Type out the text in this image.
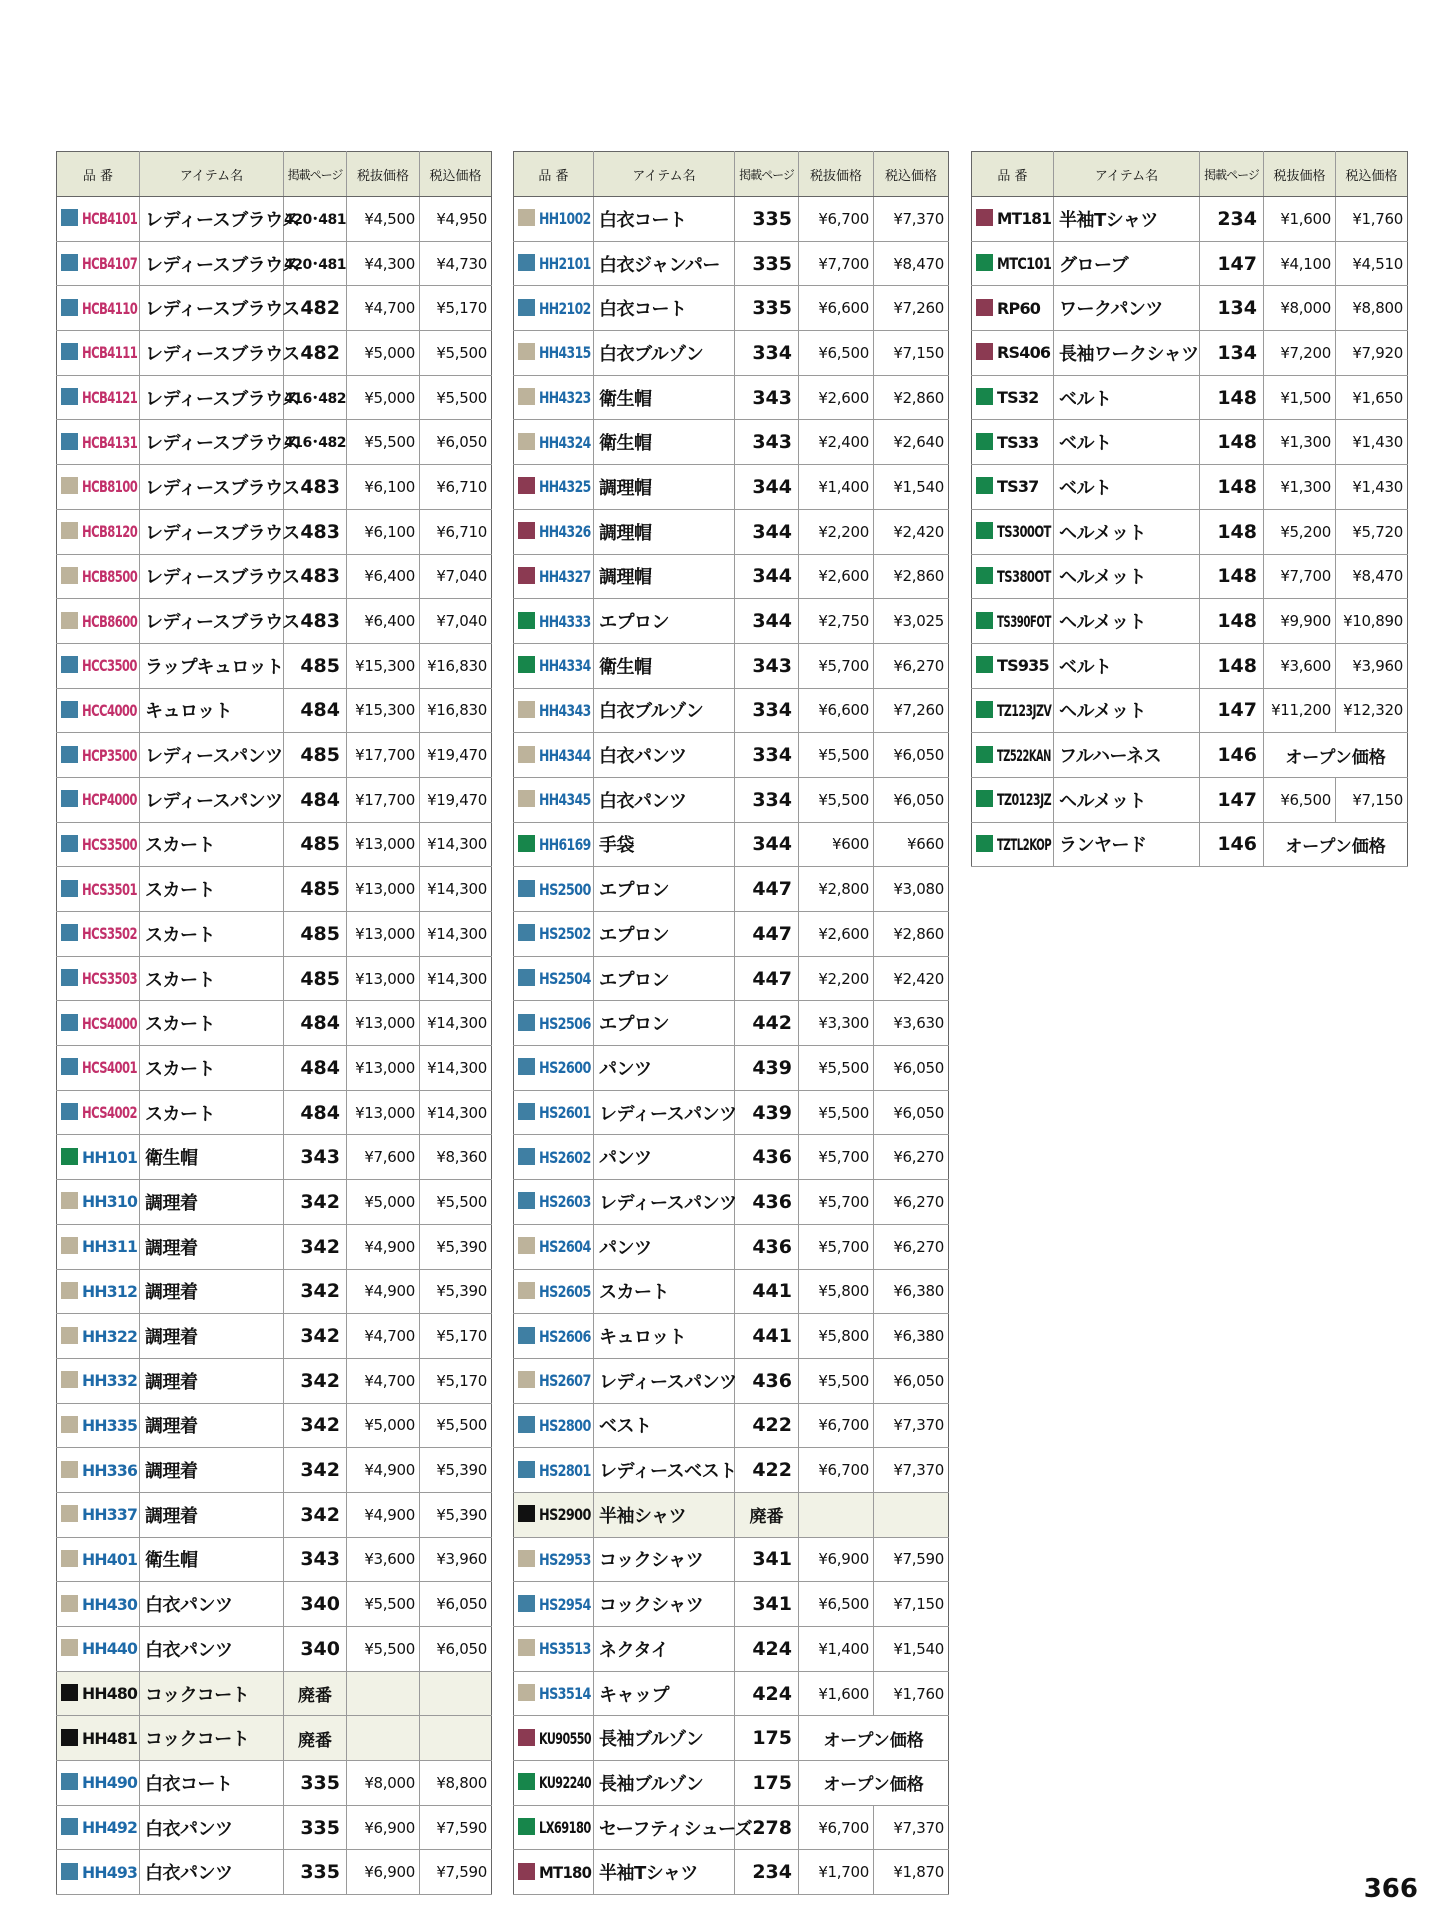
品 番	アイテム名	掲載ページ	税抜価格	税込価格
HCB4101	レディースブラウス	420･481	¥4,500	¥4,950
HCB4107	レディースブラウス	420･481	¥4,300	¥4,730
HCB4110	レディースブラウス	482	¥4,700	¥5,170
HCB4111	レディースブラウス	482	¥5,000	¥5,500
HCB4121	レディースブラウス	416･482	¥5,000	¥5,500
HCB4131	レディースブラウス	416･482	¥5,500	¥6,050
HCB8100	レディースブラウス	483	¥6,100	¥6,710
HCB8120	レディースブラウス	483	¥6,100	¥6,710
HCB8500	レディースブラウス	483	¥6,400	¥7,040
HCB8600	レディースブラウス	483	¥6,400	¥7,040
HCC3500	ラップキュロット	485	¥15,300	¥16,830
HCC4000	キュロット	484	¥15,300	¥16,830
HCP3500	レディースパンツ	485	¥17,700	¥19,470
HCP4000	レディースパンツ	484	¥17,700	¥19,470
HCS3500	スカート	485	¥13,000	¥14,300
HCS3501	スカート	485	¥13,000	¥14,300
HCS3502	スカート	485	¥13,000	¥14,300
HCS3503	スカート	485	¥13,000	¥14,300
HCS4000	スカート	484	¥13,000	¥14,300
HCS4001	スカート	484	¥13,000	¥14,300
HCS4002	スカート	484	¥13,000	¥14,300
HH101	衛生帽	343	¥7,600	¥8,360
HH310	調理着	342	¥5,000	¥5,500
HH311	調理着	342	¥4,900	¥5,390
HH312	調理着	342	¥4,900	¥5,390
HH322	調理着	342	¥4,700	¥5,170
HH332	調理着	342	¥4,700	¥5,170
HH335	調理着	342	¥5,000	¥5,500
HH336	調理着	342	¥4,900	¥5,390
HH337	調理着	342	¥4,900	¥5,390
HH401	衛生帽	343	¥3,600	¥3,960
HH430	白衣パンツ	340	¥5,500	¥6,050
HH440	白衣パンツ	340	¥5,500	¥6,050
HH480	コックコート	廃番		
HH481	コックコート	廃番		
HH490	白衣コート	335	¥8,000	¥8,800
HH492	白衣パンツ	335	¥6,900	¥7,590
HH493	白衣パンツ	335	¥6,900	¥7,590
品 番	アイテム名	掲載ページ	税抜価格	税込価格
HH1002	白衣コート	335	¥6,700	¥7,370
HH2101	白衣ジャンパー	335	¥7,700	¥8,470
HH2102	白衣コート	335	¥6,600	¥7,260
HH4315	白衣ブルゾン	334	¥6,500	¥7,150
HH4323	衛生帽	343	¥2,600	¥2,860
HH4324	衛生帽	343	¥2,400	¥2,640
HH4325	調理帽	344	¥1,400	¥1,540
HH4326	調理帽	344	¥2,200	¥2,420
HH4327	調理帽	344	¥2,600	¥2,860
HH4333	エプロン	344	¥2,750	¥3,025
HH4334	衛生帽	343	¥5,700	¥6,270
HH4343	白衣ブルゾン	334	¥6,600	¥7,260
HH4344	白衣パンツ	334	¥5,500	¥6,050
HH4345	白衣パンツ	334	¥5,500	¥6,050
HH6169	手袋	344	¥600	¥660
HS2500	エプロン	447	¥2,800	¥3,080
HS2502	エプロン	447	¥2,600	¥2,860
HS2504	エプロン	447	¥2,200	¥2,420
HS2506	エプロン	442	¥3,300	¥3,630
HS2600	パンツ	439	¥5,500	¥6,050
HS2601	レディースパンツ	439	¥5,500	¥6,050
HS2602	パンツ	436	¥5,700	¥6,270
HS2603	レディースパンツ	436	¥5,700	¥6,270
HS2604	パンツ	436	¥5,700	¥6,270
HS2605	スカート	441	¥5,800	¥6,380
HS2606	キュロット	441	¥5,800	¥6,380
HS2607	レディースパンツ	436	¥5,500	¥6,050
HS2800	ベスト	422	¥6,700	¥7,370
HS2801	レディースベスト	422	¥6,700	¥7,370
HS2900	半袖シャツ	廃番		
HS2953	コックシャツ	341	¥6,900	¥7,590
HS2954	コックシャツ	341	¥6,500	¥7,150
HS3513	ネクタイ	424	¥1,400	¥1,540
HS3514	キャップ	424	¥1,600	¥1,760
KU90550	長袖ブルゾン	175	オープン価格	
KU92240	長袖ブルゾン	175	オープン価格	
LX69180	セーフティシューズ	278	¥6,700	¥7,370
MT180	半袖Tシャツ	234	¥1,700	¥1,870
品 番	アイテム名	掲載ページ	税抜価格	税込価格
MT181	半袖Tシャツ	234	¥1,600	¥1,760
MTC101	グローブ	147	¥4,100	¥4,510
RP60	ワークパンツ	134	¥8,000	¥8,800
RS406	長袖ワークシャツ	134	¥7,200	¥7,920
TS32	ベルト	148	¥1,500	¥1,650
TS33	ベルト	148	¥1,300	¥1,430
TS37	ベルト	148	¥1,300	¥1,430
TS300OT	ヘルメット	148	¥5,200	¥5,720
TS380OT	ヘルメット	148	¥7,700	¥8,470
TS390FOT	ヘルメット	148	¥9,900	¥10,890
TS935	ベルト	148	¥3,600	¥3,960
TZ123JZV	ヘルメット	147	¥11,200	¥12,320
TZ522KAN	フルハーネス	146	オープン価格	
TZ0123JZ	ヘルメット	147	¥6,500	¥7,150
TZTL2KOP	ランヤード	146	オープン価格	
366
